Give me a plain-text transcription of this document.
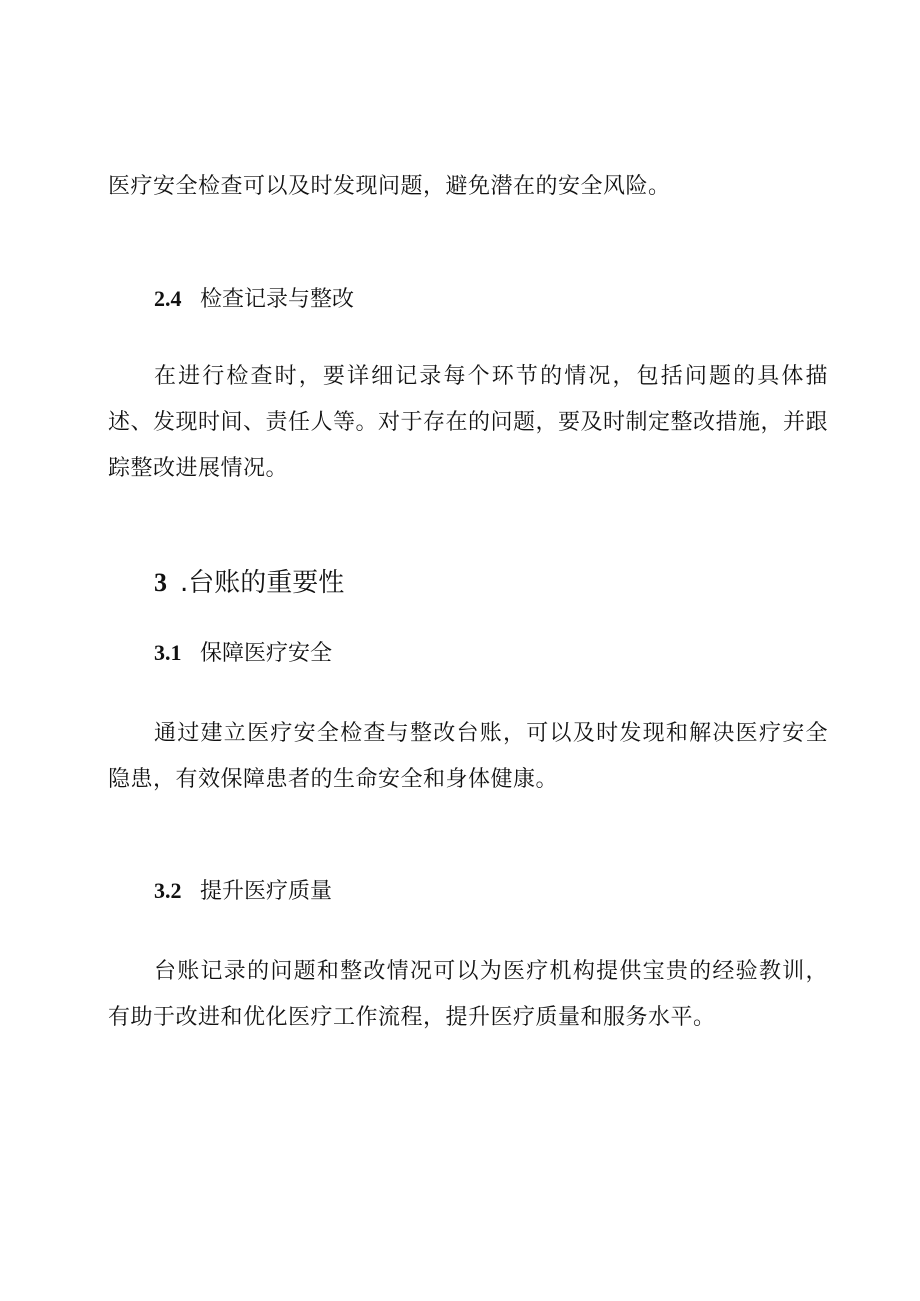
医疗安全检查可以及时发现问题，避免潜在的安全风险。

2.4 检查记录与整改

在进行检查时，要详细记录每个环节的情况，包括问题的具体描述、发现时间、责任人等。对于存在的问题，要及时制定整改措施，并跟踪整改进展情况。

3 .台账的重要性

3.1 保障医疗安全

通过建立医疗安全检查与整改台账，可以及时发现和解决医疗安全隐患，有效保障患者的生命安全和身体健康。

3.2 提升医疗质量

台账记录的问题和整改情况可以为医疗机构提供宝贵的经验教训，有助于改进和优化医疗工作流程，提升医疗质量和服务水平。
